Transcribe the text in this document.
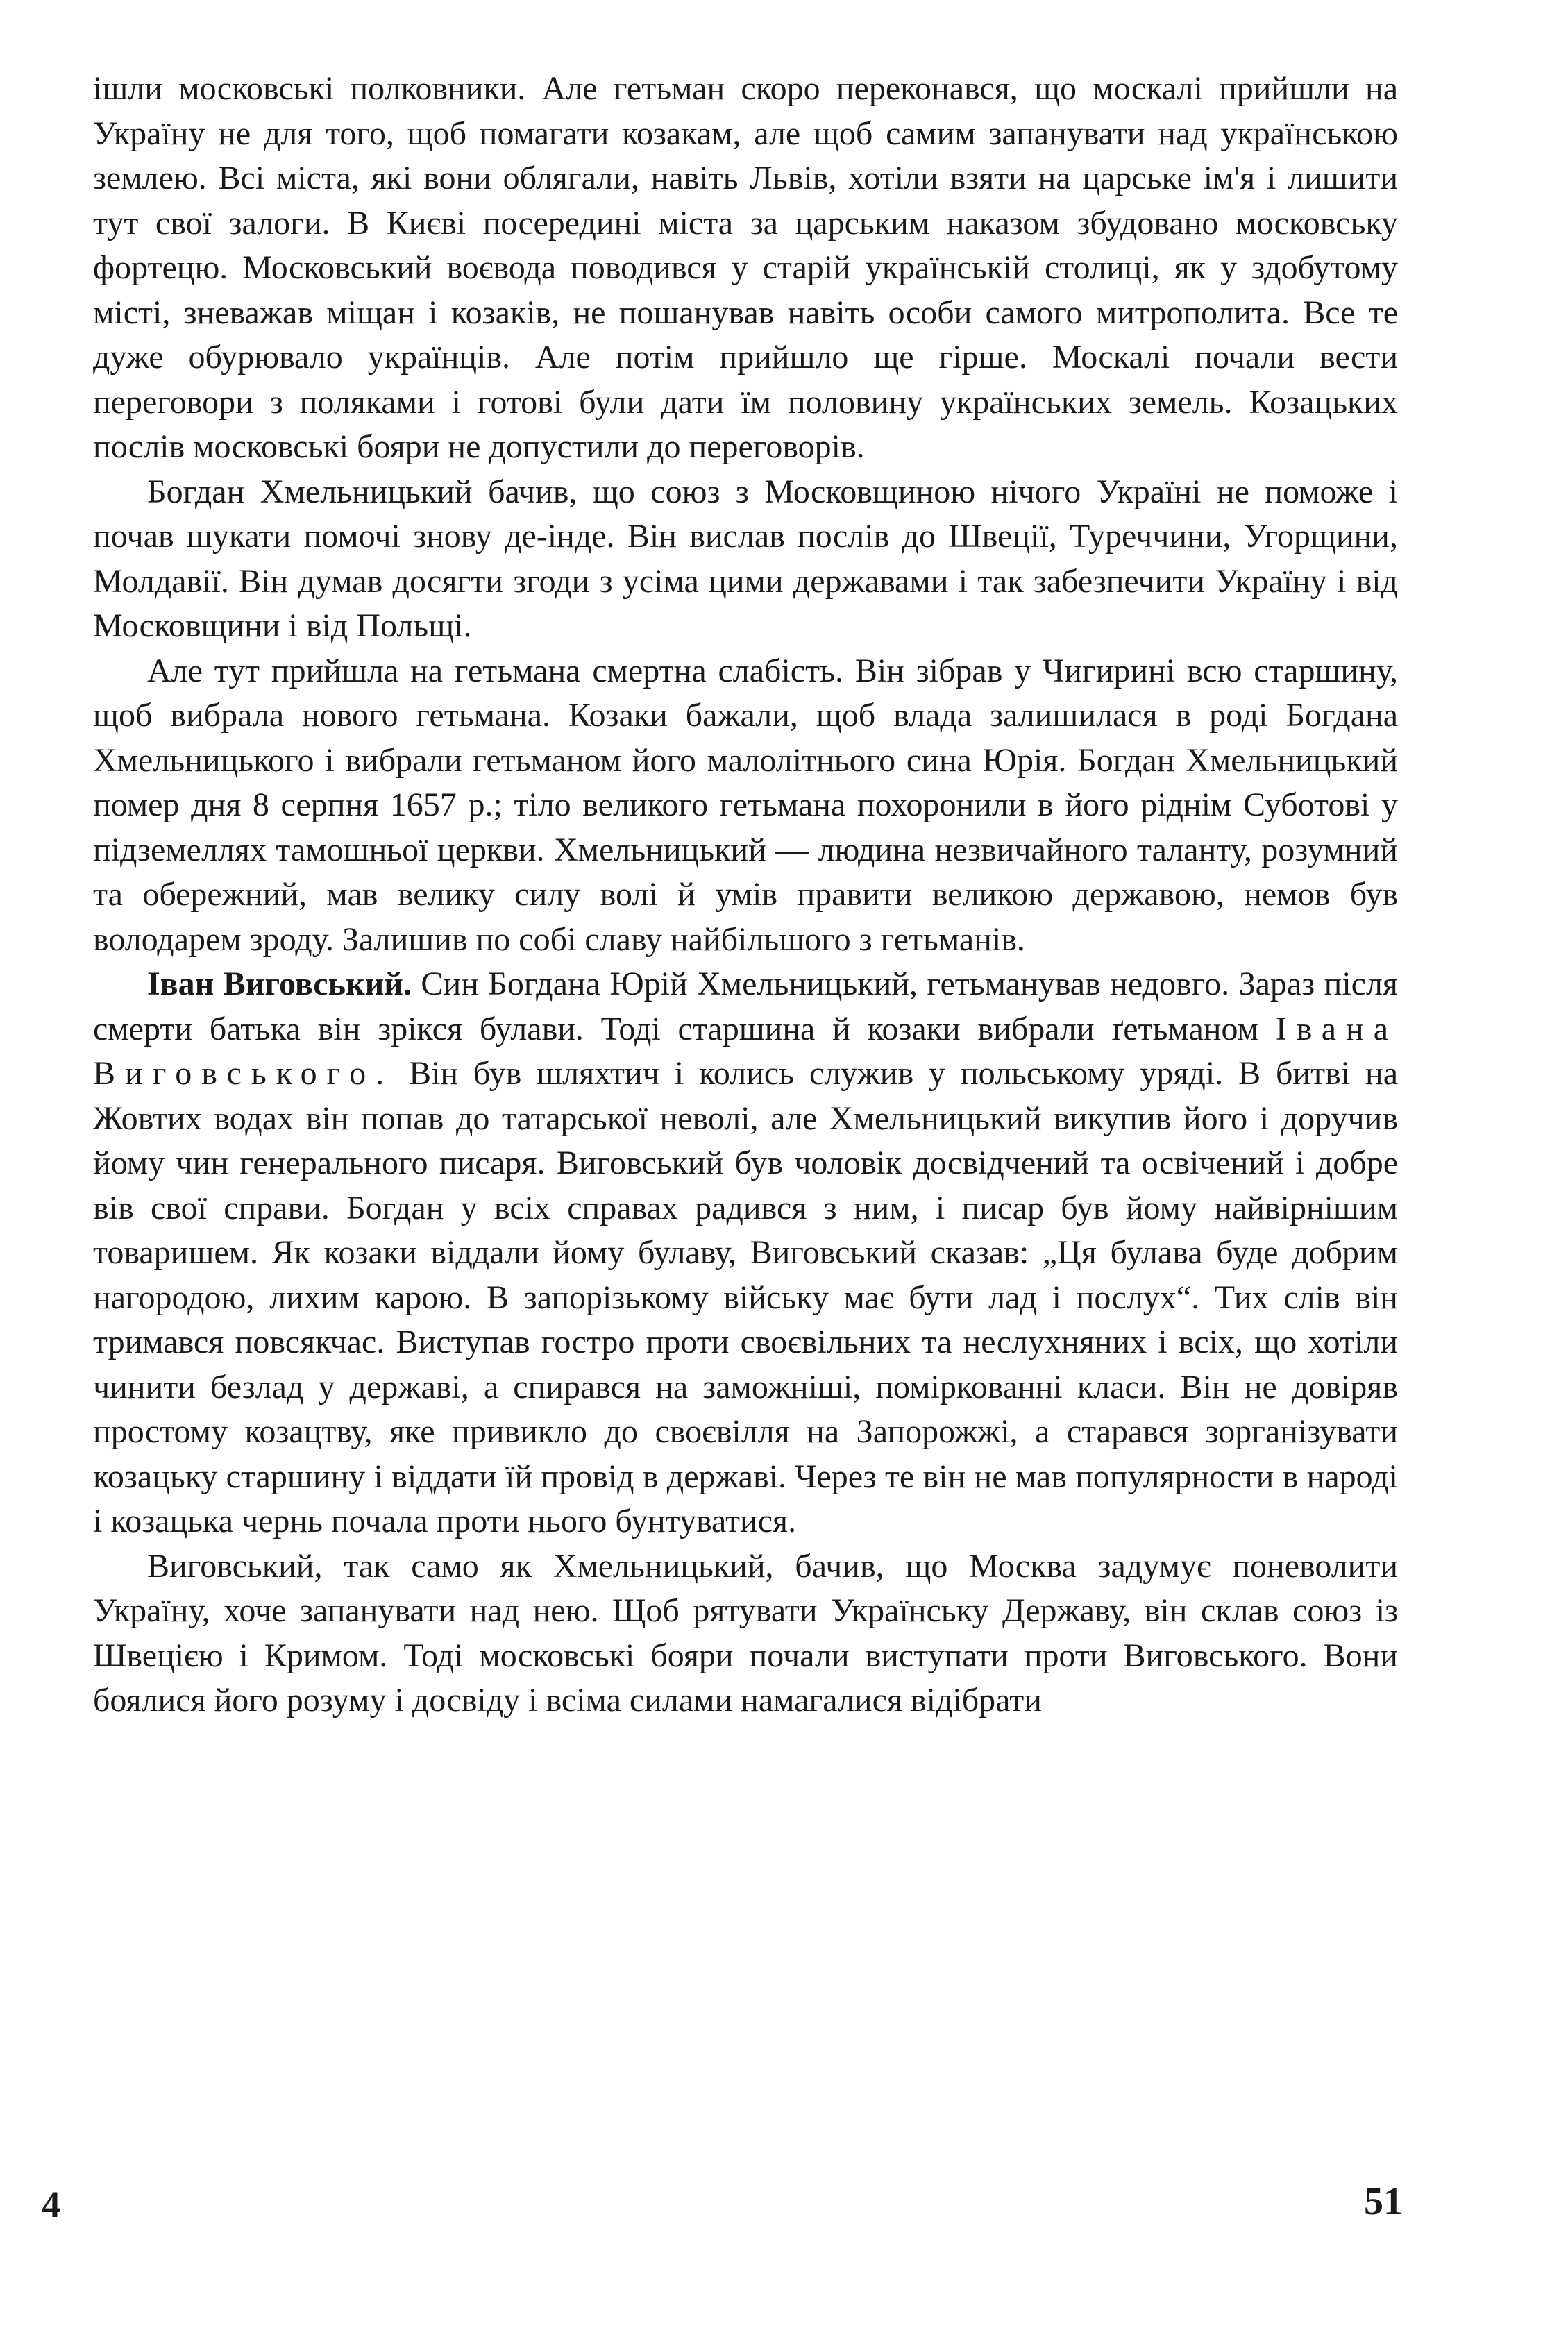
ішли московські полковники. Але гетьман скоро переконався, що москалі прийшли на Україну не для того, щоб помагати козакам, але щоб самим запанувати над українською землею. Всі міста, які вони облягали, навіть Львів, хотіли взяти на царське ім'я і лишити тут свої залоги. В Києві посередині міста за царським наказом збудовано московську фортецю. Московський воєвода поводився у старій українській столиці, як у здобутому місті, зневажав міщан і козаків, не пошанував навіть особи самого митрополита. Все те дуже обурювало українців. Але потім прийшло ще гірше. Москалі почали вести переговори з поляками і готові були дати їм половину українських земель. Козацьких послів московські бояри не допустили до переговорів.

Богдан Хмельницький бачив, що союз з Московщиною нічого Україні не поможе і почав шукати помочі знову де-інде. Він вислав послів до Швеції, Туреччини, Угорщини, Молдавії. Він думав досягти згоди з усіма цими державами і так забезпечити Україну і від Московщини і від Польщі.

Але тут прийшла на гетьмана смертна слабість. Він зібрав у Чигирині всю старшину, щоб вибрала нового гетьмана. Козаки бажали, щоб влада залишилася в роді Богдана Хмельницького і вибрали гетьманом його малолітнього сина Юрія. Богдан Хмельницький помер дня 8 серпня 1657 р.; тіло великого гетьмана похоронили в його ріднім Суботові у підземеллях тамошньої церкви. Хмельницький — людина незвичайного таланту, розумний та обережний, мав велику силу волі й умів правити великою державою, немов був володарем зроду. Залишив по собі славу найбільшого з гетьманів.

Іван Виговський. Син Богдана Юрій Хмельницький, гетьманував недовго. Зараз після смерти батька він зрікся булави. Тоді старшина й козаки вибрали ґетьманом Івана Виговського. Він був шляхтич і колись служив у польському уряді. В битві на Жовтих водах він попав до татарської неволі, але Хмельницький викупив його і доручив йому чин генерального писаря. Виговський був чоловік досвідчений та освічений і добре вів свої справи. Богдан у всіх справах радився з ним, і писар був йому найвірнішим товаришем. Як козаки віддали йому булаву, Виговський сказав: „Ця булава буде добрим нагородою, лихим карою. В запорізькому війську має бути лад і послух“. Тих слів він тримався повсякчас. Виступав гостро проти своєвільних та неслухняних і всіх, що хотіли чинити безлад у державі, а спирався на заможніші, поміркованні класи. Він не довіряв простому козацтву, яке привикло до своєвілля на Запорожжі, а старався зорганізувати козацьку старшину і віддати їй провід в державі. Через те він не мав популярности в народі і козацька чернь почала проти нього бунтуватися.

Виговський, так само як Хмельницький, бачив, що Москва задумує поневолити Україну, хоче запанувати над нею. Щоб рятувати Українську Державу, він склав союз із Швецією і Кримом. Тоді московські бояри почали виступати проти Виговського. Вони боялися його розуму і досвіду і всіма силами намагалися відібрати

4	51
